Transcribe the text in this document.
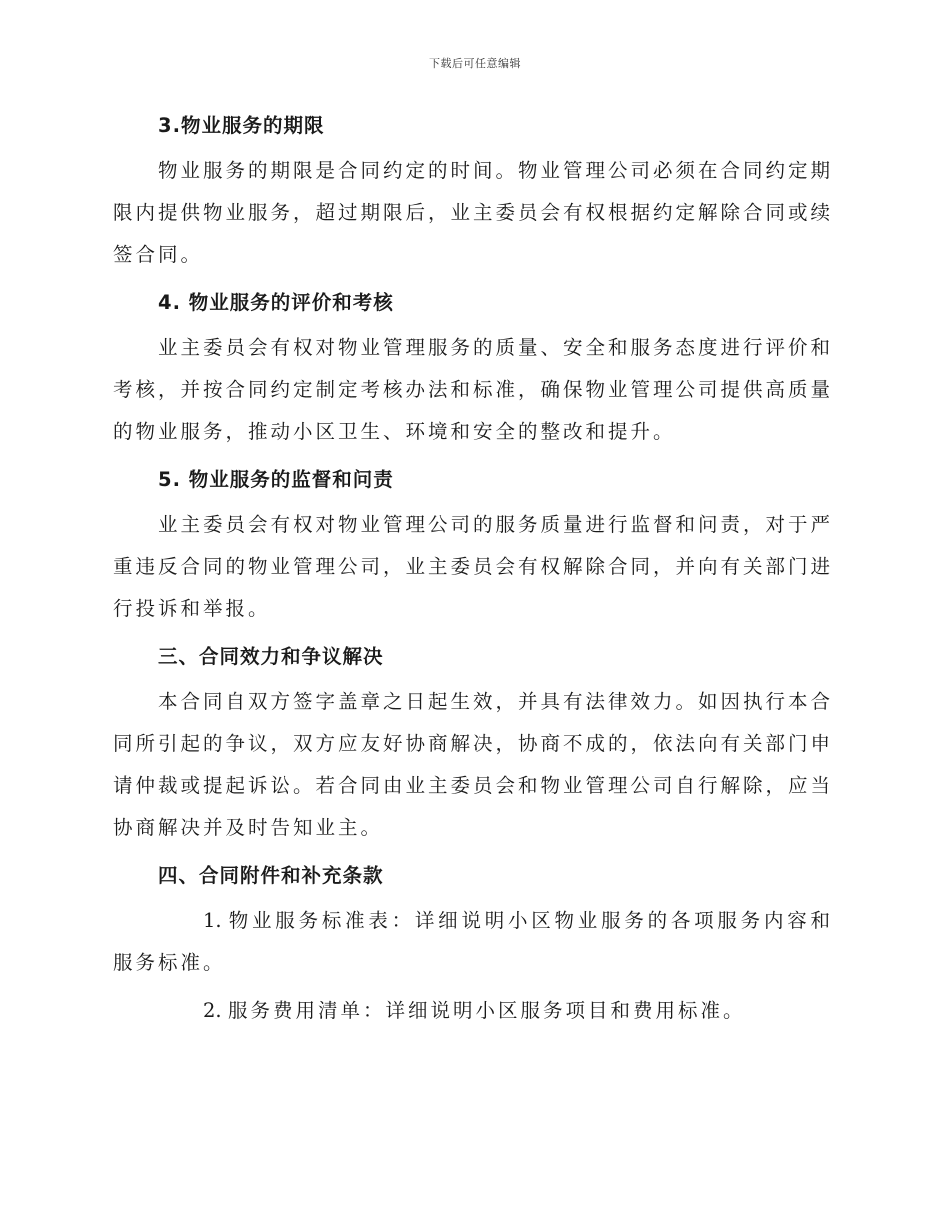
下载后可任意编辑
3.物业服务的期限

物业服务的期限是合同约定的时间。物业管理公司必须在合同约定期限内提供物业服务，超过期限后，业主委员会有权根据约定解除合同或续签合同。

4. 物业服务的评价和考核

业主委员会有权对物业管理服务的质量、安全和服务态度进行评价和考核，并按合同约定制定考核办法和标准，确保物业管理公司提供高质量的物业服务，推动小区卫生、环境和安全的整改和提升。

5. 物业服务的监督和问责

业主委员会有权对物业管理公司的服务质量进行监督和问责，对于严重违反合同的物业管理公司，业主委员会有权解除合同，并向有关部门进行投诉和举报。

三、合同效力和争议解决

本合同自双方签字盖章之日起生效，并具有法律效力。如因执行本合同所引起的争议，双方应友好协商解决，协商不成的，依法向有关部门申请仲裁或提起诉讼。若合同由业主委员会和物业管理公司自行解除，应当协商解决并及时告知业主。

四、合同附件和补充条款

1. 物业服务标准表：详细说明小区物业服务的各项服务内容和服务标准。

2. 服务费用清单：详细说明小区服务项目和费用标准。
